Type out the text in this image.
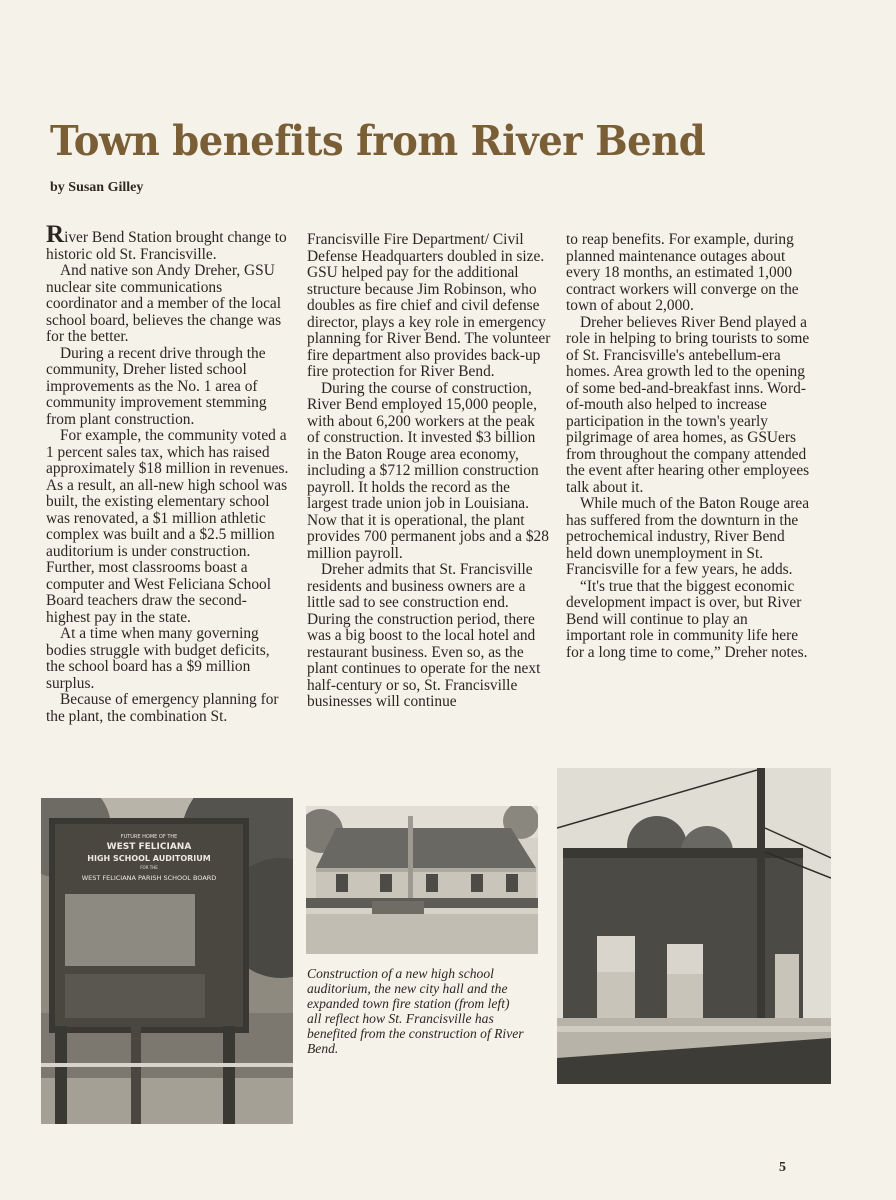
Town benefits from River Bend
by Susan Gilley

River Bend Station brought change to historic old St. Francisville.

And native son Andy Dreher, GSU nuclear site communications coordinator and a member of the local school board, believes the change was for the better.

During a recent drive through the community, Dreher listed school improvements as the No. 1 area of community improvement stemming from plant construction.

For example, the community voted a 1 percent sales tax, which has raised approximately $18 million in revenues. As a result, an all-new high school was built, the existing elementary school was renovated, a $1 million athletic complex was built and a $2.5 million auditorium is under construction. Further, most classrooms boast a computer and West Feliciana School Board teachers draw the second-highest pay in the state.

At a time when many governing bodies struggle with budget deficits, the school board has a $9 million surplus.

Because of emergency planning for the plant, the combination St.

Francisville Fire Department/ Civil Defense Headquarters doubled in size. GSU helped pay for the additional structure because Jim Robinson, who doubles as fire chief and civil defense director, plays a key role in emergency planning for River Bend. The volunteer fire department also provides back-up fire protection for River Bend.

During the course of construction, River Bend employed 15,000 people, with about 6,200 workers at the peak of construction. It invested $3 billion in the Baton Rouge area economy, including a $712 million construction payroll. It holds the record as the largest trade union job in Louisiana. Now that it is operational, the plant provides 700 permanent jobs and a $28 million payroll.

Dreher admits that St. Francisville residents and business owners are a little sad to see construction end. During the construction period, there was a big boost to the local hotel and restaurant business. Even so, as the plant continues to operate for the next half-century or so, St. Francisville businesses will continue

to reap benefits. For example, during planned maintenance outages about every 18 months, an estimated 1,000 contract workers will converge on the town of about 2,000.

Dreher believes River Bend played a role in helping to bring tourists to some of St. Francisville's antebellum-era homes. Area growth led to the opening of some bed-and-breakfast inns. Word-of-mouth also helped to increase participation in the town's yearly pilgrimage of area homes, as GSUers from throughout the company attended the event after hearing other employees talk about it.

While much of the Baton Rouge area has suffered from the downturn in the petrochemical industry, River Bend held down unemployment in St. Francisville for a few years, he adds.

“It's true that the biggest economic development impact is over, but River Bend will continue to play an important role in community life here for a long time to come,” Dreher notes.

FUTURE HOME OF THE
WEST FELICIANA
HIGH SCHOOL AUDITORIUM
FOR THE
WEST FELICIANA PARISH SCHOOL BOARD
Construction of a new high school auditorium, the new city hall and the expanded town fire station (from left) all reflect how St. Francisville has benefited from the construction of River Bend.
5
